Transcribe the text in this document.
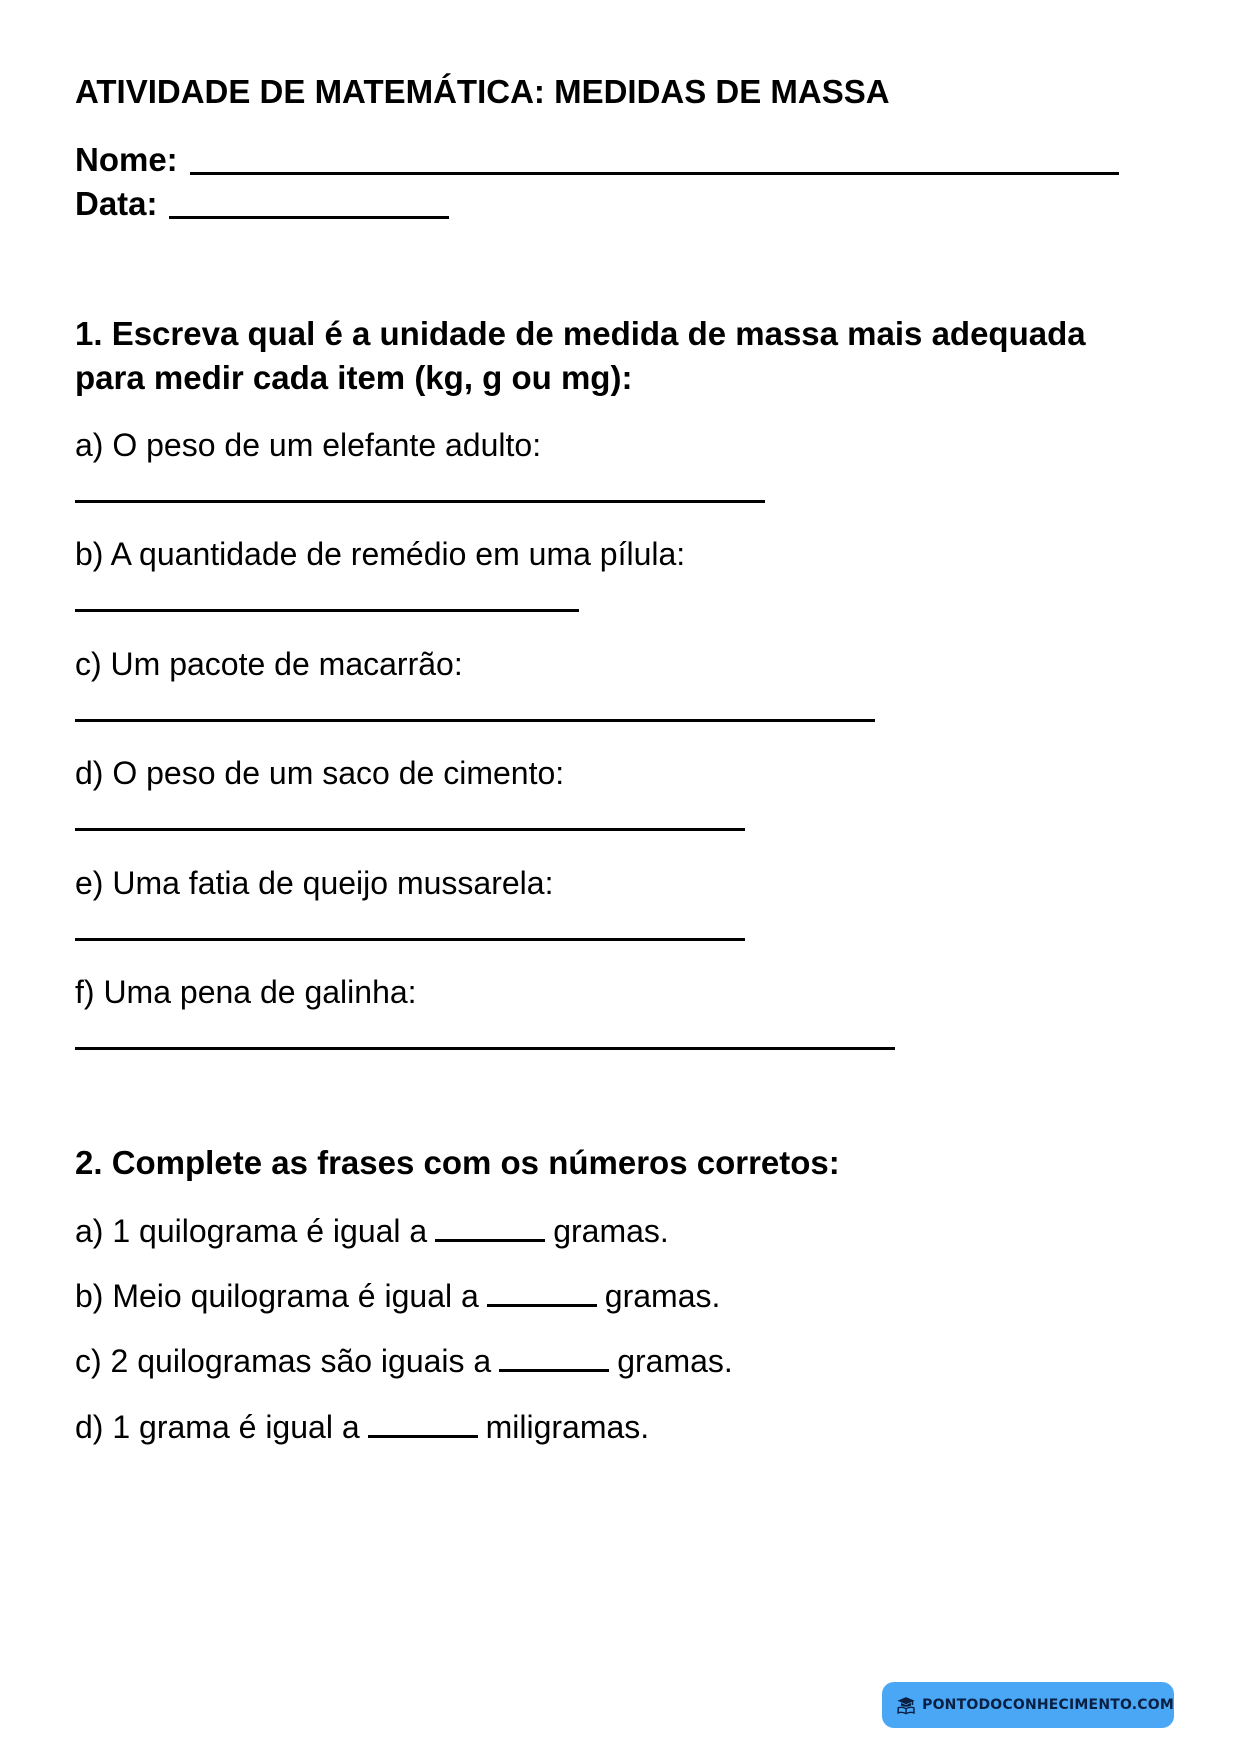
ATIVIDADE DE MATEMÁTICA: MEDIDAS DE MASSA

Nome:

Data:

1. Escreva qual é a unidade de medida de massa mais adequada

para medir cada item (kg, g ou mg):

a) O peso de um elefante adulto:

b) A quantidade de remédio em uma pílula:

c) Um pacote de macarrão:

d) O peso de um saco de cimento:

e) Uma fatia de queijo mussarela:

f) Uma pena de galinha:

2. Complete as frases com os números corretos:

a) 1 quilograma é igual a	gramas.

b) Meio quilograma é igual a	gramas.

c) 2 quilogramas são iguais a	gramas.

d) 1 grama é igual a	miligramas.

PONTODOCONHECIMENTO.COM
